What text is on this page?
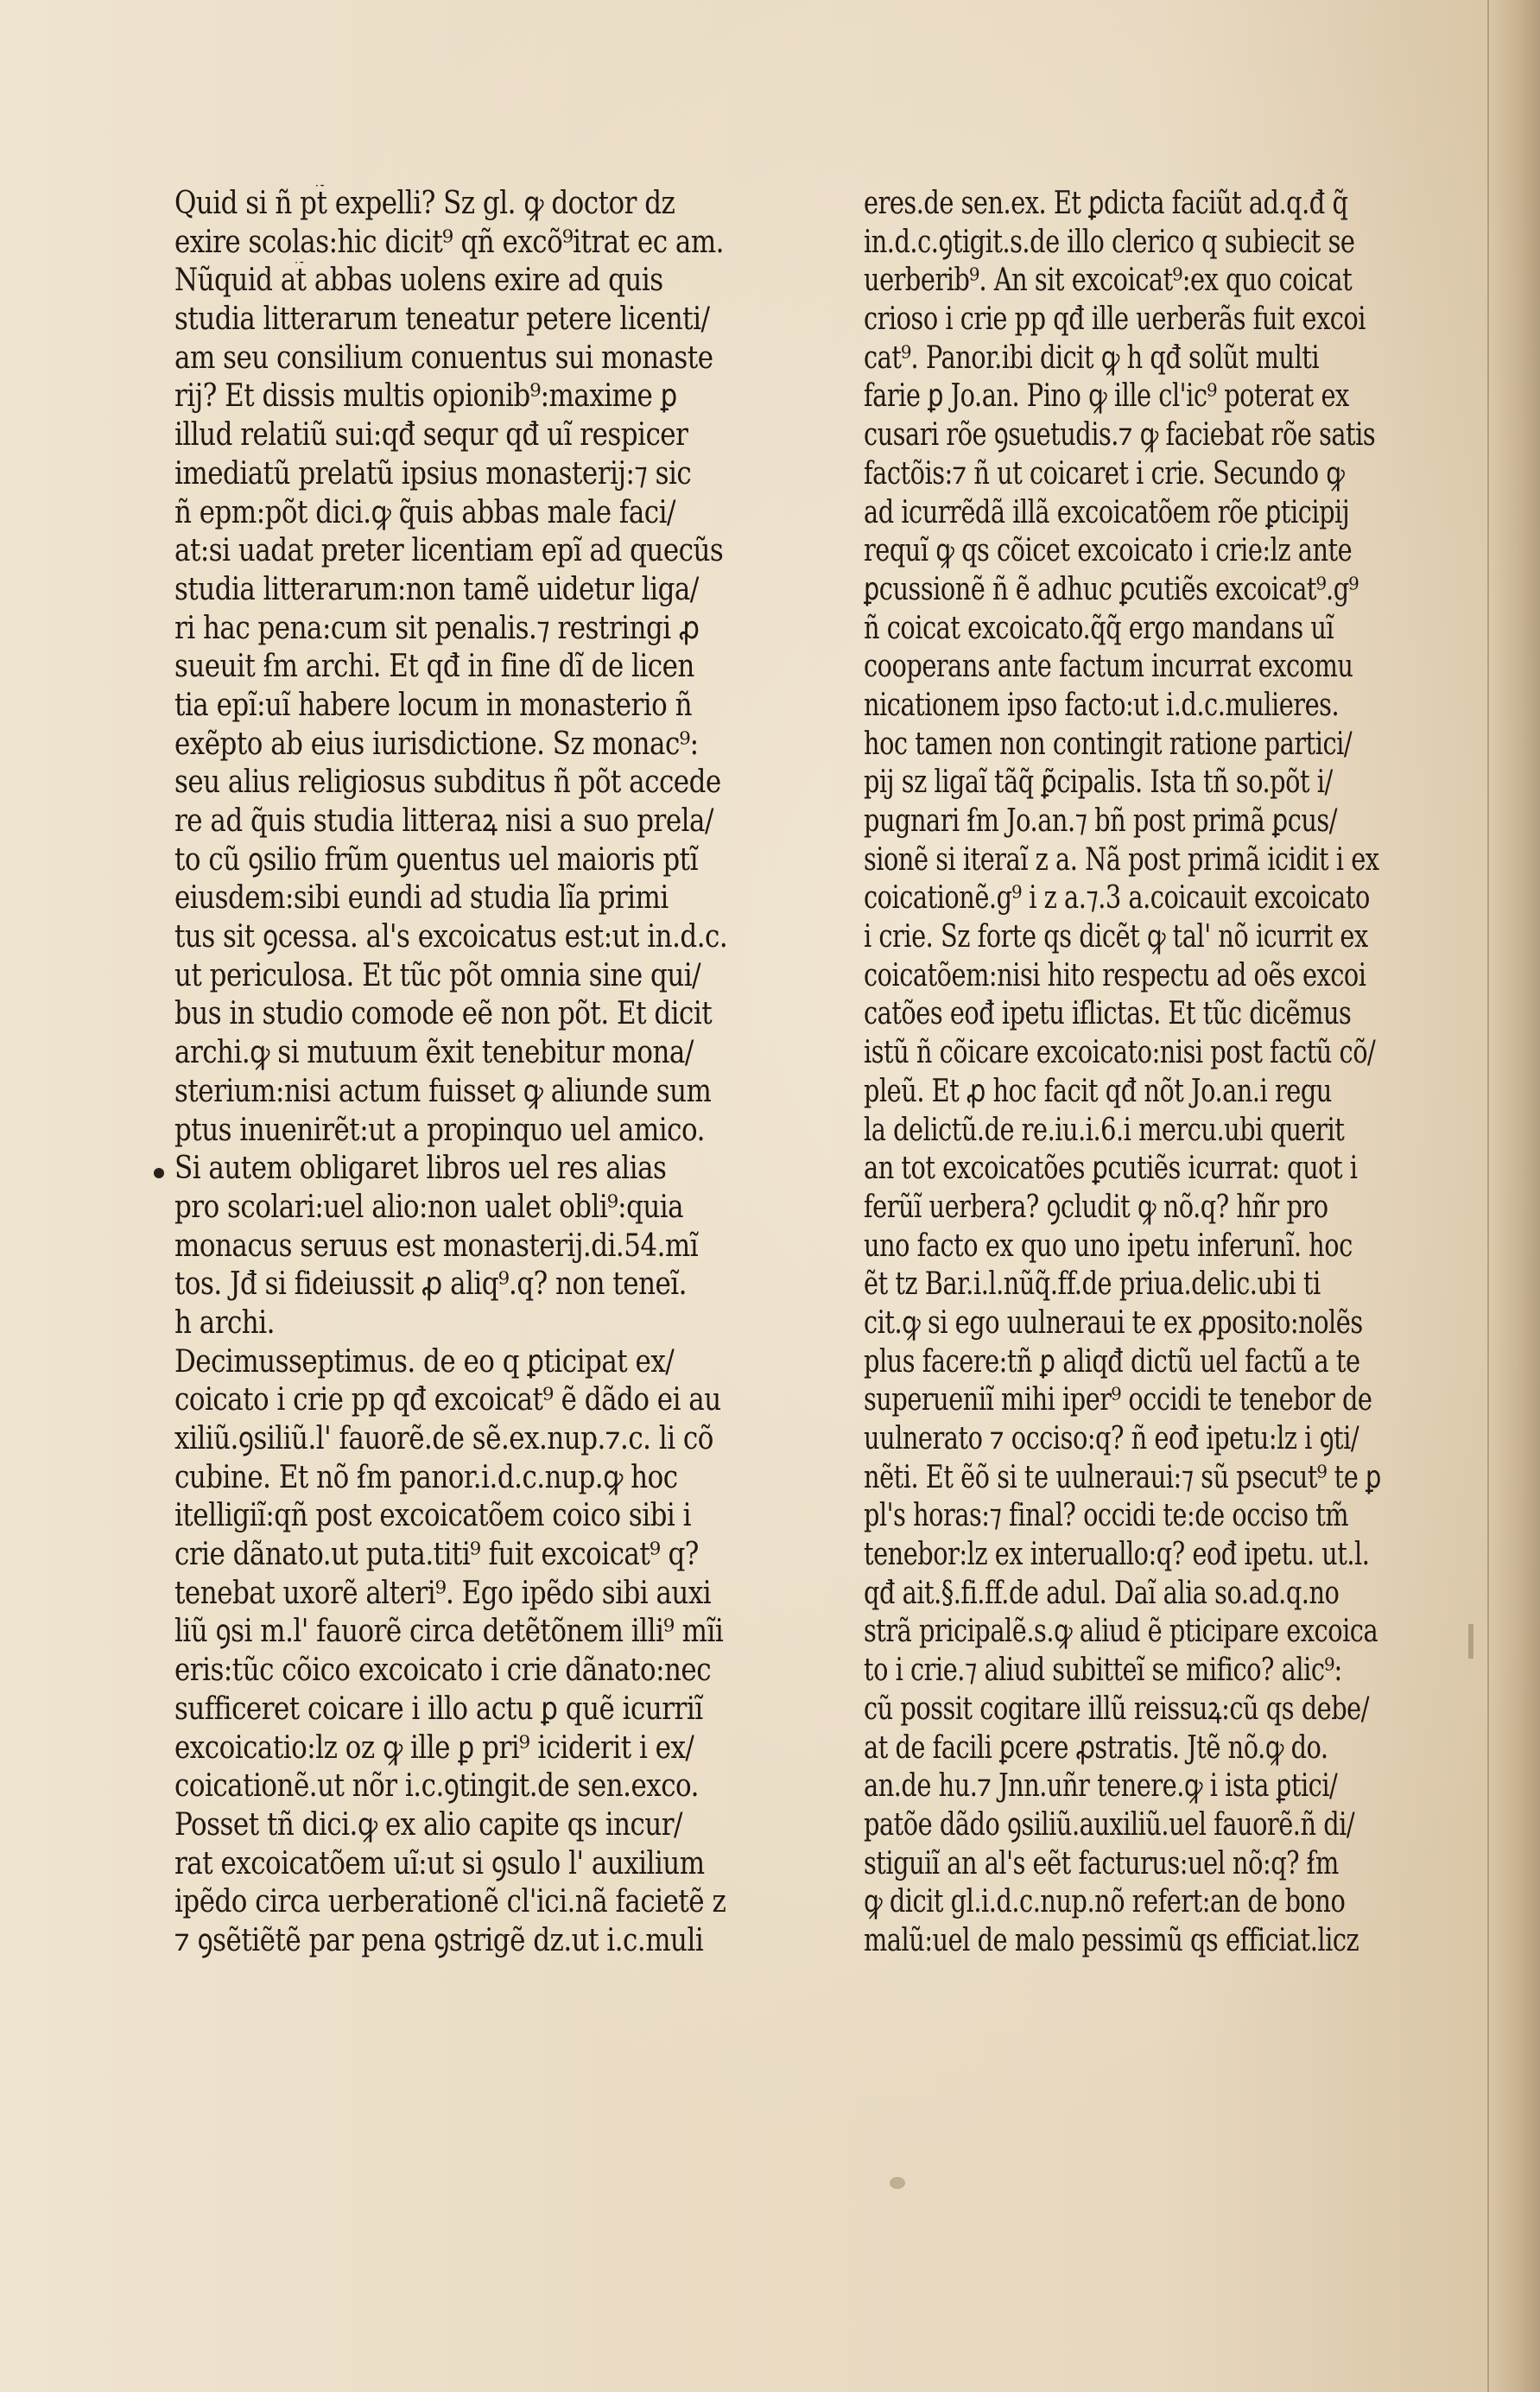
Quid si ñ pt̃ expelli? Sz gl. ꝙ doctor dz
exire scolas:hic dicit⁹ qñ excõ⁹itrat ec am.
Nũquid at̃ abbas uolens exire ad quis
studia litterarum teneatur petere licenti/
am seu consilium conuentus sui monaste
rij? Et dissis multis opionib⁹:maxime ꝑ
illud relatiũ sui:qđ sequr qđ uĩ respicer
imediatũ prelatũ ipsius monasterij:⁊ sic
ñ epm:põt dici.ꝙ q̃uis abbas male faci/
at:si uadat preter licentiam epĩ ad quecũs
studia litterarum:non tamẽ uidetur liga/
ri hac pena:cum sit penalis.⁊ restringi ꝓ
sueuit ẜm archi. Et qđ in fine dĩ de licen
tia epĩ:uĩ habere locum in monasterio ñ
exẽpto ab eius iurisdictione. Sz monac⁹:
seu alius religiosus subditus ñ põt accede
re ad q̃uis studia litteraꝝ nisi a suo prela/
to cũ ꝯsilio frũm ꝯuentus uel maioris ptĩ
eiusdem:sibi eundi ad studia lĩa primi
tus sit ꝯcessa. al's excoicatus est:ut in.d.c.
ut periculosa. Et tũc põt omnia sine qui/
bus in studio comode eẽ non põt. Et dicit
archi.ꝙ si mutuum ẽxit tenebitur mona/
sterium:nisi actum fuisset ꝙ aliunde sum
ptus inuenirẽt:ut a propinquo uel amico.
Si autem obligaret libros uel res alias
pro scolari:uel alio:non ualet obli⁹:quia
monacus seruus est monasterij.di.54.mĩ
tos. Jđ si fideiussit ꝓ aliq⁹.q? non teneĩ.
h archi.
Decimusseptimus. de eo q ꝑticipat ex/
coicato i crie pp qđ excoicat⁹ ẽ dãdo ei au
xiliũ.ꝯsiliũ.l' fauorẽ.de sẽ.ex.nup.⁊.c. li cõ
cubine. Et nõ ẜm panor.i.d.c.nup.ꝙ hoc
itelligiĩ:qñ post excoicatõem coico sibi i
crie dãnato.ut puta.titi⁹ fuit excoicat⁹ q?
tenebat uxorẽ alteri⁹. Ego ipẽdo sibi auxi
liũ ꝯsi m.l' fauorẽ circa detẽtõnem illi⁹ mĩi
eris:tũc cõico excoicato i crie dãnato:nec
sufficeret coicare i illo actu ꝑ quẽ icurriĩ
excoicatio:lz oz ꝙ ille ꝑ pri⁹ iciderit i ex/
coicationẽ.ut nõr i.c.ꝯtingit.de sen.exco.
Posset tñ dici.ꝙ ex alio capite qs incur/
rat excoicatõem uĩ:ut si ꝯsulo l' auxilium
ipẽdo circa uerberationẽ cl'ici.nã facietẽ z
⁊ ꝯsẽtiẽtẽ par pena ꝯstrigẽ dz.ut i.c.muli
eres.de sen.ex. Et ꝑdicta faciũt ad.q.đ q̃
in.d.c.ꝯtigit.s.de illo clerico q subiecit se
uerberib⁹. An sit excoicat⁹:ex quo coicat
crioso i crie pp qđ ille uerberãs fuit excoi
cat⁹. Panor.ibi dicit ꝙ h qđ solũt multi
farie ꝑ Jo.an. Pino ꝙ ille cl'ic⁹ poterat ex
cusari rõe ꝯsuetudis.⁊ ꝙ faciebat rõe satis
factõis:⁊ ñ ut coicaret i crie. Secundo ꝙ
ad icurrẽdã illã excoicatõem rõe ꝑticipij
requĩ ꝙ qs cõicet excoicato i crie:lz ante
ꝑcussionẽ ñ ẽ adhuc ꝑcutiẽs excoicat⁹.g⁹
ñ coicat excoicato.q̃q̃ ergo mandans uĩ
cooperans ante factum incurrat excomu
nicationem ipso facto:ut i.d.c.mulieres.
hoc tamen non contingit ratione partici/
pij sz ligaĩ tãq̃ ꝑ̃cipalis. Ista tñ so.põt i/
pugnari ẜm Jo.an.⁊ bñ post primã ꝑcus/
sionẽ si iteraĩ z a. Nã post primã icidit i ex
coicationẽ.g⁹ i z a.⁊.3 a.coicauit excoicato
i crie. Sz forte qs dicẽt ꝙ tal' nõ icurrit ex
coicatõem:nisi hito respectu ad oẽs excoi
catões eođ ipetu iflictas. Et tũc dicẽmus
istũ ñ cõicare excoicato:nisi post factũ cõ/
pleũ. Et ꝓ hoc facit qđ nõt Jo.an.i regu
la delictũ.de re.iu.i.6.i mercu.ubi querit
an tot excoicatões ꝑcutiẽs icurrat: quot i
ferũĩ uerbera? ꝯcludit ꝙ nõ.q? hñr pro
uno facto ex quo uno ipetu inferunĩ. hoc
ẽt tz Bar.i.l.nũq̃.ff.de priua.delic.ubi ti
cit.ꝙ si ego uulneraui te ex ꝓposito:nolẽs
plus facere:tñ ꝑ aliqđ dictũ uel factũ a te
superueniĩ mihi iper⁹ occidi te tenebor de
uulnerato ⁊ occiso:q? ñ eođ ipetu:lz i ꝯti/
nẽti. Et ẽõ si te uulneraui:⁊ sũ psecut⁹ te ꝑ
pl's horas:⁊ final? occidi te:de occiso tm̃
tenebor:lz ex interuallo:q? eođ ipetu. ut.l.
qđ ait.§.fi.ff.de adul. Daĩ alia so.ad.q.no
strã pricipalẽ.s.ꝙ aliud ẽ pticipare excoica
to i crie.⁊ aliud subitteĩ se mifico? alic⁹:
cũ possit cogitare illũ reissuꝝ:cũ qs debe/
at de facili ꝑcere ꝓstratis. Jtẽ nõ.ꝙ do.
an.de hu.⁊ Jnn.uñr tenere.ꝙ i ista ꝑtici/
patõe dãdo ꝯsiliũ.auxiliũ.uel fauorẽ.ñ di/
stiguiĩ an al's eẽt facturus:uel nõ:q? ẜm
ꝙ dicit gl.i.d.c.nup.nõ refert:an de bono
malũ:uel de malo pessimũ qs efficiat.licz
